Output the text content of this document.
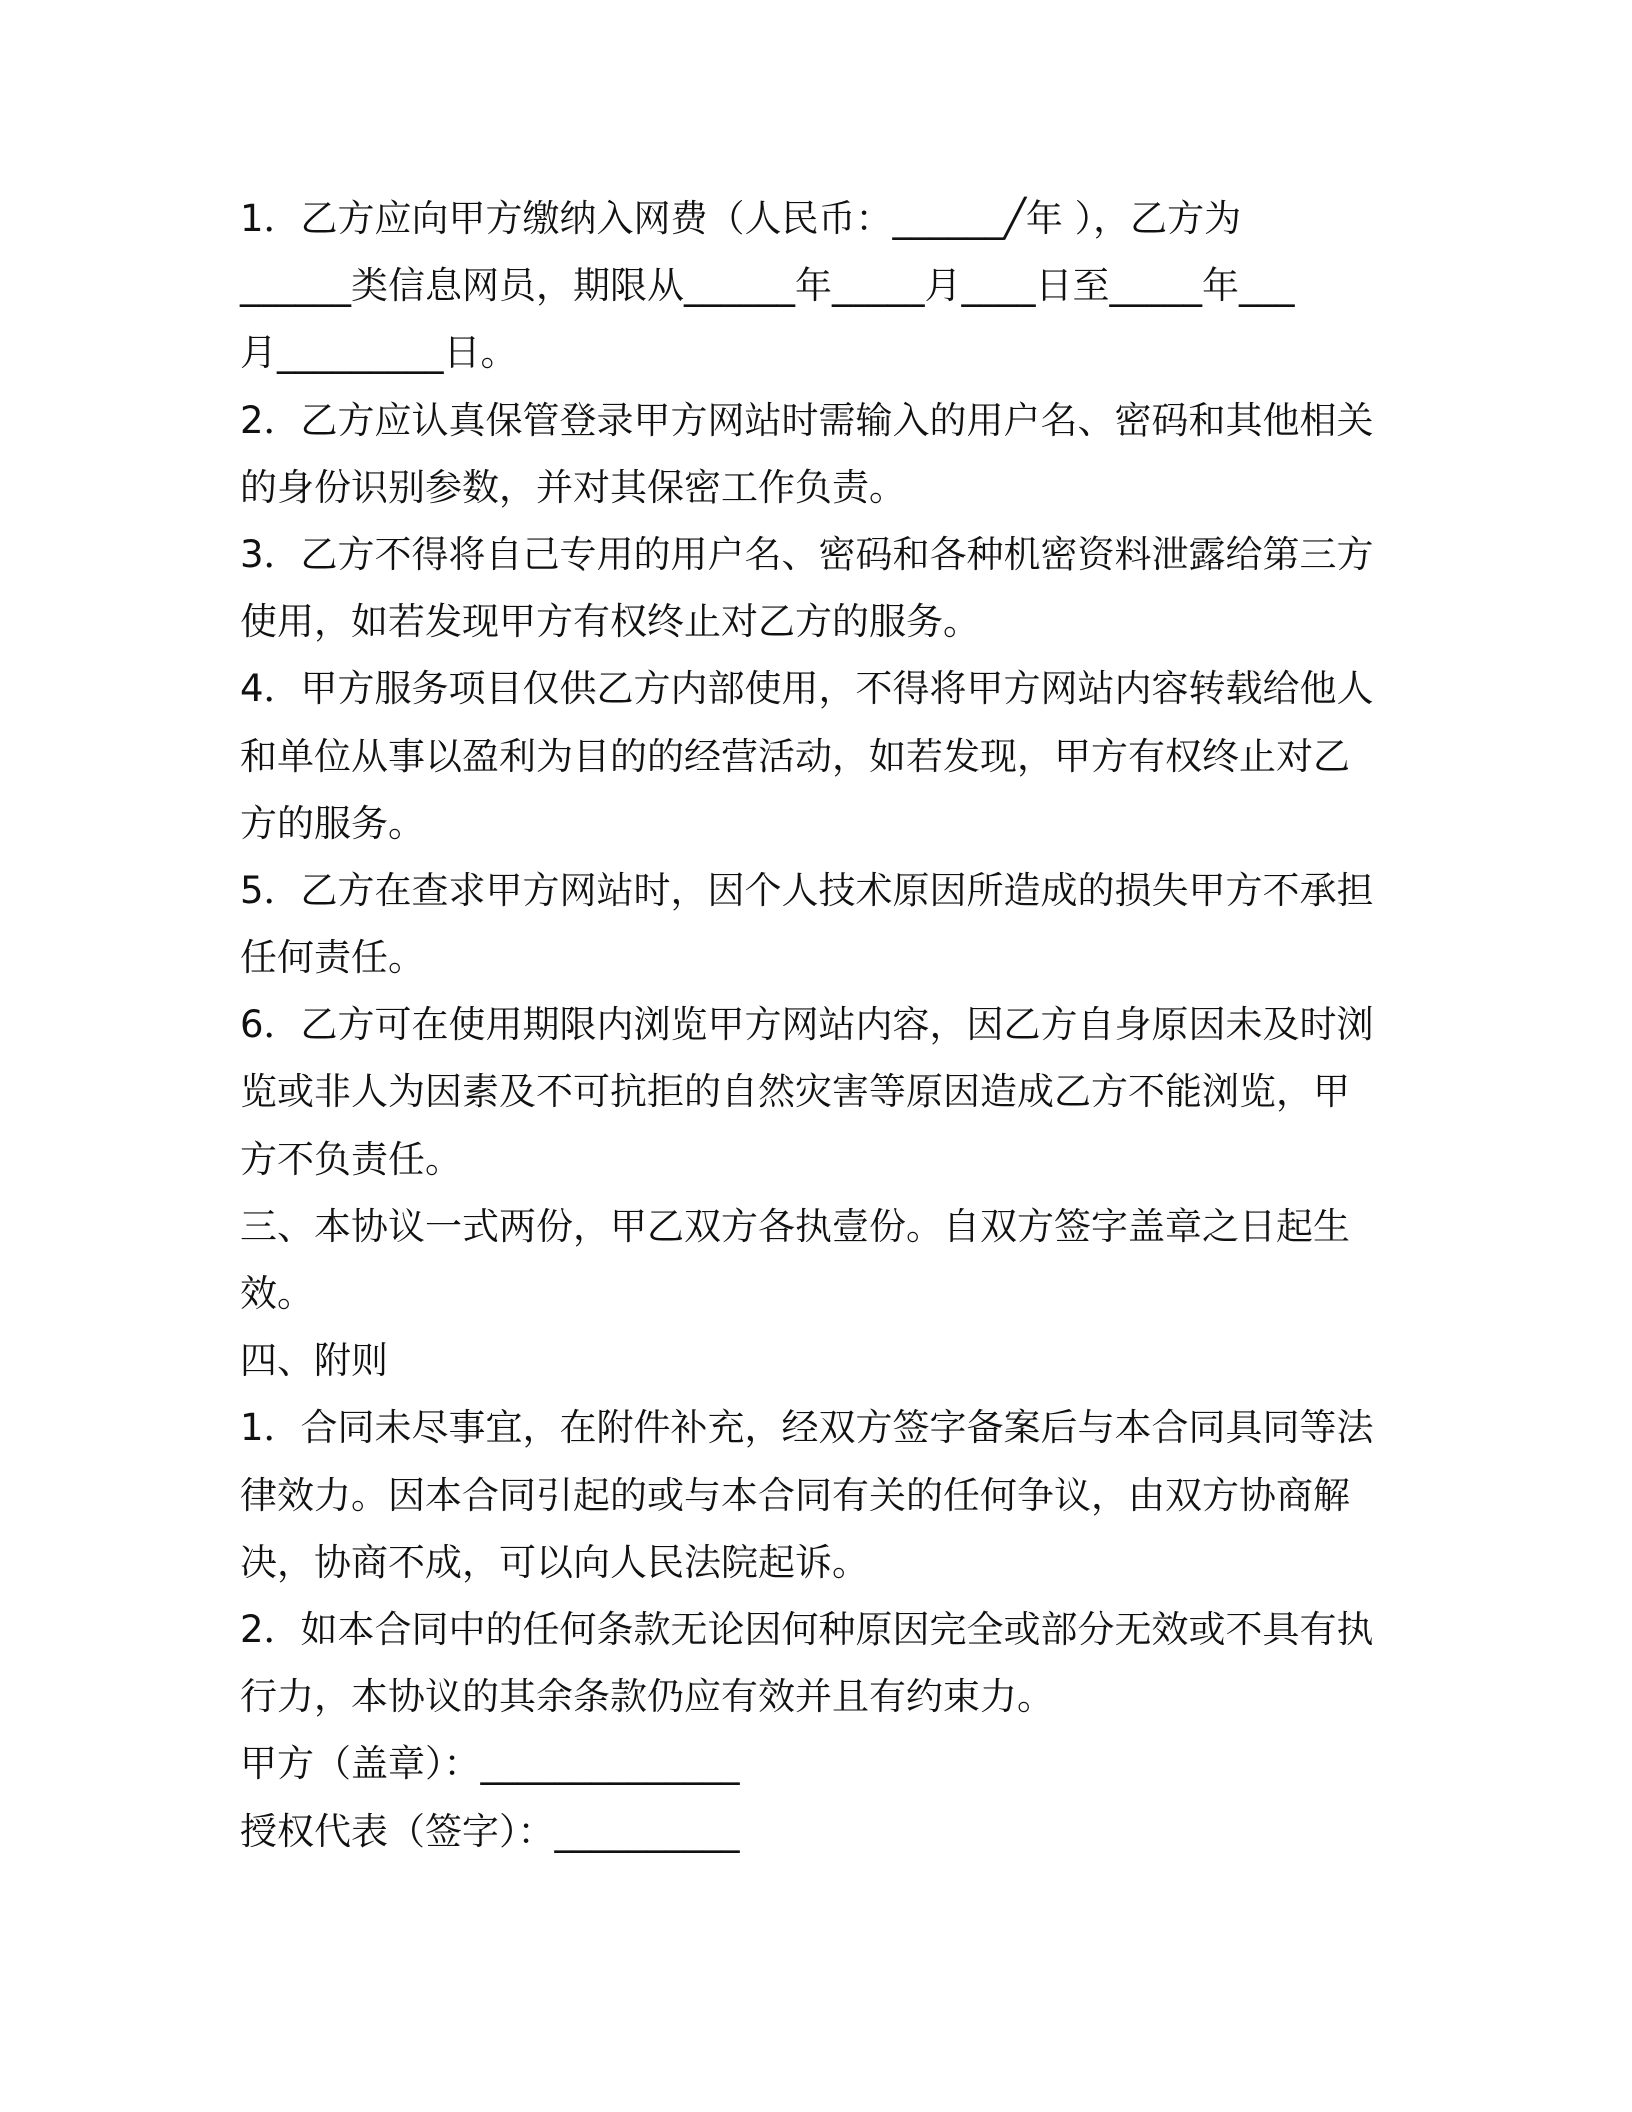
1．乙方应向甲方缴纳入网费（人民币：______╱年 ），乙方为
______类信息网员，期限从______年_____月____日至_____年___
月_________日。
2．乙方应认真保管登录甲方网站时需输入的用户名、密码和其他相关
的身份识别参数，并对其保密工作负责。
3．乙方不得将自己专用的用户名、密码和各种机密资料泄露给第三方
使用，如若发现甲方有权终止对乙方的服务。
4．甲方服务项目仅供乙方内部使用，不得将甲方网站内容转载给他人
和单位从事以盈利为目的的经营活动，如若发现，甲方有权终止对乙
方的服务。
5．乙方在查求甲方网站时，因个人技术原因所造成的损失甲方不承担
任何责任。
6．乙方可在使用期限内浏览甲方网站内容，因乙方自身原因未及时浏
览或非人为因素及不可抗拒的自然灾害等原因造成乙方不能浏览，甲
方不负责任。
三、本协议一式两份，甲乙双方各执壹份。自双方签字盖章之日起生
效。
四、附则
1．合同未尽事宜，在附件补充，经双方签字备案后与本合同具同等法
律效力。因本合同引起的或与本合同有关的任何争议，由双方协商解
决，协商不成，可以向人民法院起诉。
2．如本合同中的任何条款无论因何种原因完全或部分无效或不具有执
行力，本协议的其余条款仍应有效并且有约束力。
甲方（盖章）：______________
授权代表（签字）：__________
